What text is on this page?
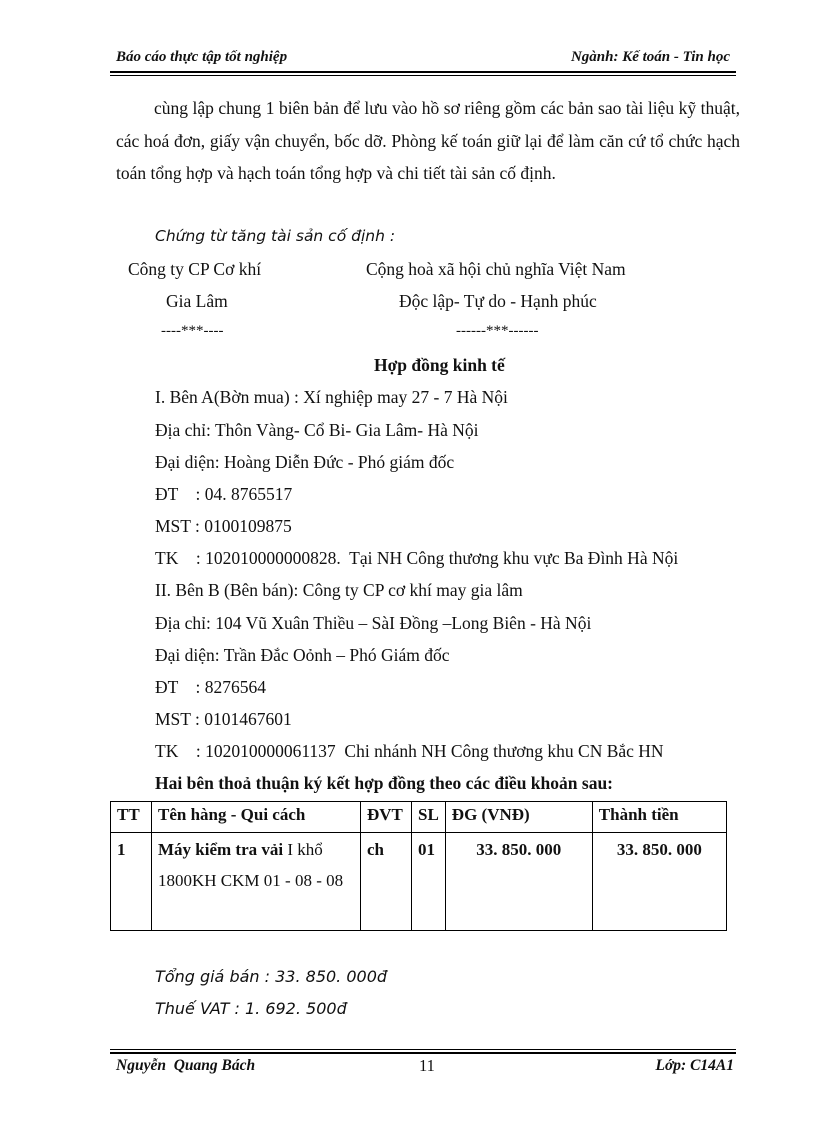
Báo cáo thực tập tốt nghiệp	Ngành: Kế toán - Tin học
cùng lập chung 1 biên bản để lưu vào hồ sơ riêng gồm các bản sao tài liệu kỹ thuật, các hoá đơn, giấy vận chuyển, bốc dỡ. Phòng kế toán giữ lại để làm căn cứ tổ chức hạch toán tổng hợp và hạch toán tổng hợp và chi tiết tài sản cố định.
Chứng từ tăng tài sản cố định :
Công ty CP Cơ khí
Gia Lâm
----***----
Cộng hoà xã hội chủ nghĩa Việt Nam
Độc lập- Tự do - Hạnh phúc
------***------
Hợp đồng kinh tế
I. Bên A(Bờn mua) : Xí nghiệp may 27 - 7 Hà Nội
Địa chỉ: Thôn Vàng- Cổ Bi- Gia Lâm- Hà Nội
Đại diện: Hoàng Diễn Đức - Phó giám đốc
ĐT    : 04. 8765517
MST : 0100109875
TK    : 102010000000828.  Tại NH Công thương khu vực Ba Đình Hà Nội
II. Bên B (Bên bán): Công ty CP cơ khí may gia lâm
Địa chỉ: 104 Vũ Xuân Thiều – SàI Đồng –Long Biên - Hà Nội
Đại diện: Trần Đắc Oỏnh – Phó Giám đốc
ĐT    : 8276564
MST : 0101467601
TK    : 102010000061137  Chi nhánh NH Công thương khu CN Bắc HN
Hai bên thoả thuận ký kết hợp đồng theo các điều khoản sau:
TT	Tên hàng - Qui cách	ĐVT	SL	ĐG (VNĐ)	Thành tiền
1	Máy kiểm tra vải I khổ 1800KH CKM 01 - 08 - 08	ch	01	33. 850. 000	33. 850. 000
Tổng giá bán : 33. 850. 000đ
Thuế VAT : 1. 692. 500đ
Nguyễn  Quang Bách	11	Lớp: C14A1
